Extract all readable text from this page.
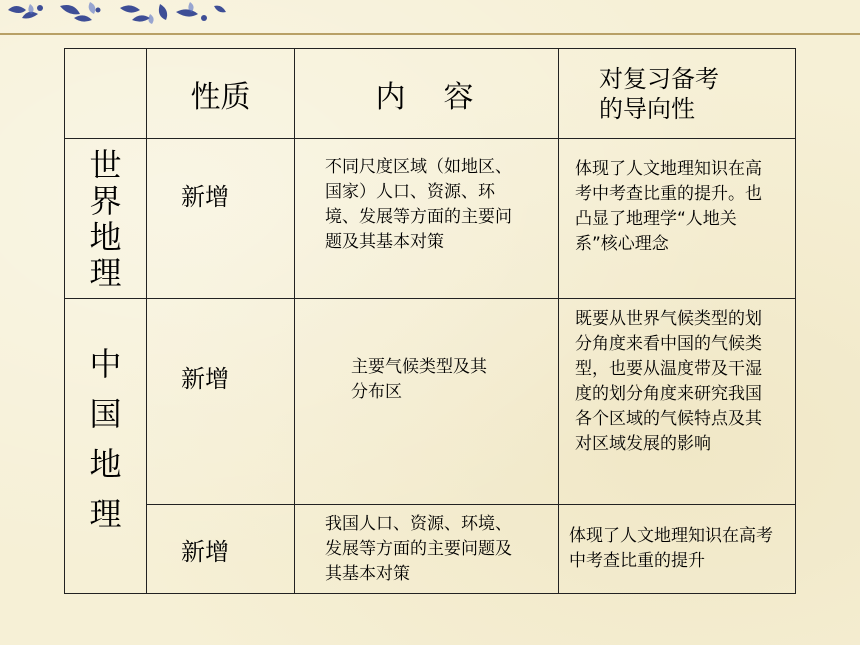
	性质	内　容	对复习备考
的导向性

世
界
地
理	新增	不同尺度区域（如地区、国家）人口、资源、环境、发展等方面的主要问题及其基本对策	体现了人文地理知识在高考中考查比重的提升。也凸显了地理学“人地关系”核心理念

中
国
地
理	新增	主要气候类型及其分布区	既要从世界气候类型的划分角度来看中国的气候类型，也要从温度带及干湿度的划分角度来研究我国各个区域的气候特点及其对区域发展的影响
	新增	我国人口、资源、环境、发展等方面的主要问题及其基本对策	体现了人文地理知识在高考中考查比重的提升
